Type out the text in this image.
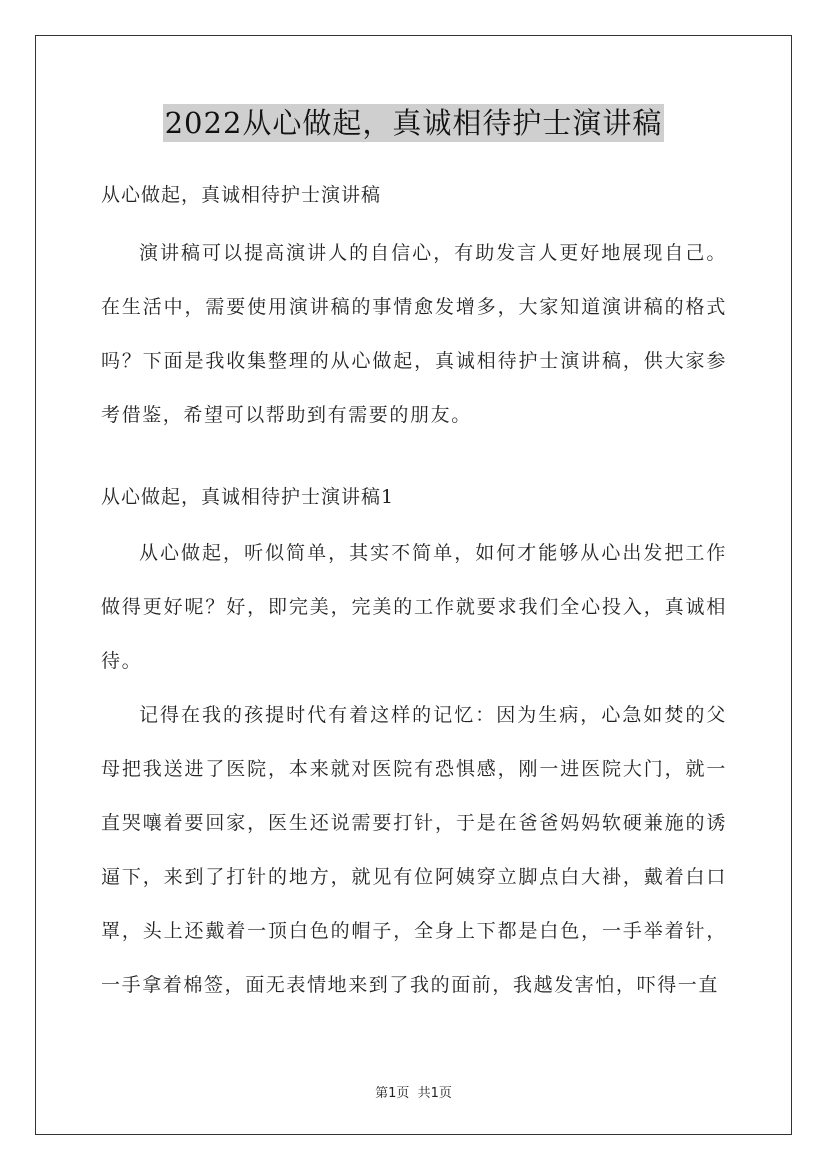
2022从心做起，真诚相待护士演讲稿

从心做起，真诚相待护士演讲稿

演讲稿可以提高演讲人的自信心，有助发言人更好地展现自己。在生活中，需要使用演讲稿的事情愈发增多，大家知道演讲稿的格式吗？下面是我收集整理的从心做起，真诚相待护士演讲稿，供大家参考借鉴，希望可以帮助到有需要的朋友。

从心做起，真诚相待护士演讲稿1

从心做起，听似简单，其实不简单，如何才能够从心出发把工作做得更好呢？好，即完美，完美的工作就要求我们全心投入，真诚相待。

记得在我的孩提时代有着这样的记忆：因为生病，心急如焚的父母把我送进了医院，本来就对医院有恐惧感，刚一进医院大门，就一直哭嚷着要回家，医生还说需要打针，于是在爸爸妈妈软硬兼施的诱逼下，来到了打针的地方，就见有位阿姨穿立脚点白大褂，戴着白口罩，头上还戴着一顶白色的帽子，全身上下都是白色，一手举着针，一手拿着棉签，面无表情地来到了我的面前，我越发害怕，吓得一直

第1页  共1页
